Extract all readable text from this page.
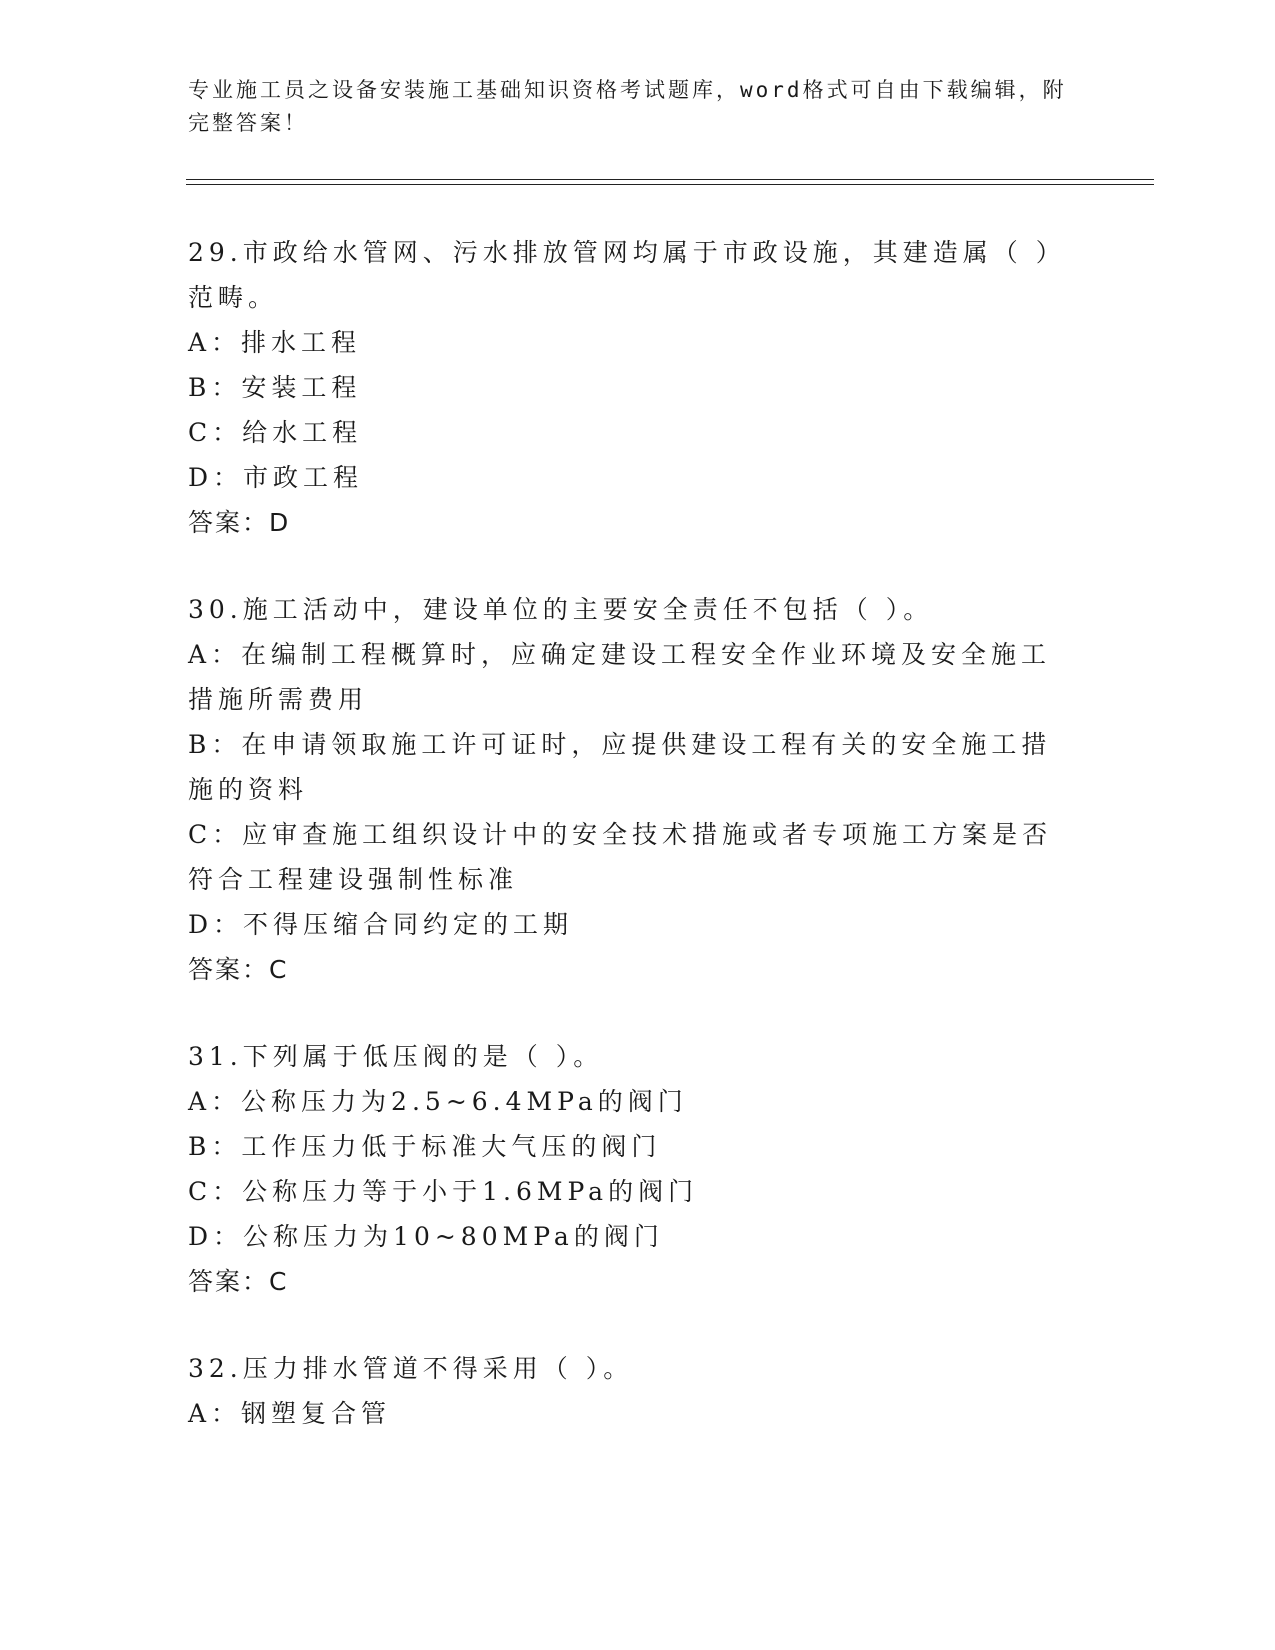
专业施工员之设备安装施工基础知识资格考试题库，word格式可自由下载编辑，附完整答案！

29.市政给水管网、污水排放管网均属于市政设施，其建造属（ ）范畴。

A：排水工程

B：安装工程

C：给水工程

D：市政工程

答案：D

30.施工活动中，建设单位的主要安全责任不包括（ ）。

A：在编制工程概算时，应确定建设工程安全作业环境及安全施工措施所需费用

B：在申请领取施工许可证时，应提供建设工程有关的安全施工措施的资料

C：应审查施工组织设计中的安全技术措施或者专项施工方案是否符合工程建设强制性标准

D：不得压缩合同约定的工期

答案：C

31.下列属于低压阀的是（ ）。

A：公称压力为2.5~6.4MPa的阀门

B：工作压力低于标准大气压的阀门

C：公称压力等于小于1.6MPa的阀门

D：公称压力为10~80MPa的阀门

答案：C

32.压力排水管道不得采用（ ）。

A：钢塑复合管
